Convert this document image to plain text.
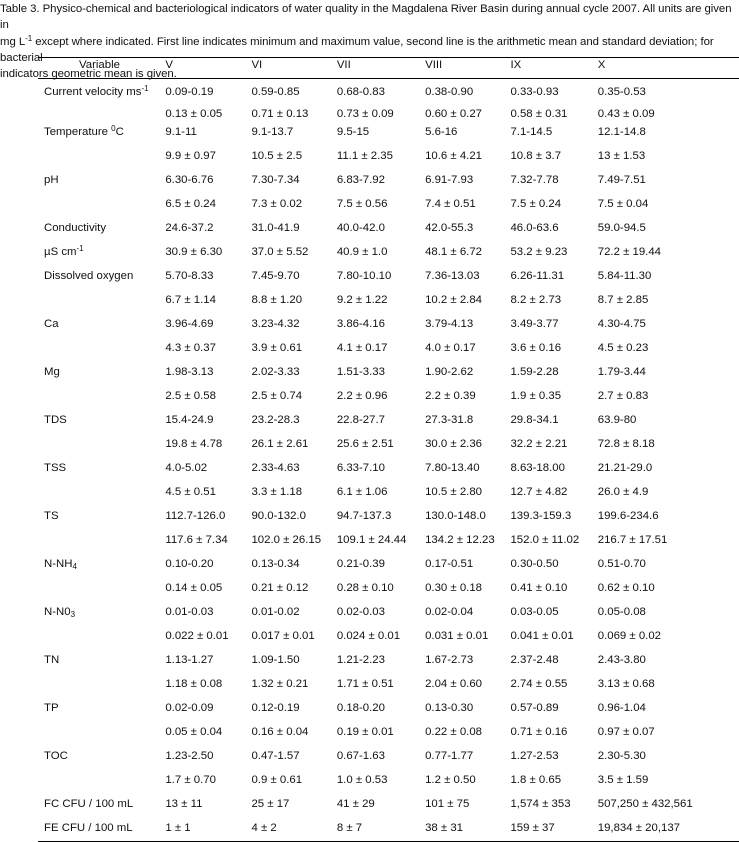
Table 3. Physico-chemical and bacteriological indicators of water quality in the Magdalena River Basin during annual cycle 2007. All units are given in
mg $L^{-1}$ except where indicated. First line indicates minimum and maximum value, second line is the arithmetic mean and standard deviation; for bacterial
indicators geometric mean is given.
Variable	V	VI	VII	VIII	IX	X
Current velocity $ms^{-1}$	0.09-0.19	0.59-0.85	0.68-0.83	0.38-0.90	0.33-0.93	0.35-0.53
	0.13 ± 0.05	0.71 ± 0.13	0.73 ± 0.09	0.60 ± 0.27	0.58 ± 0.31	0.43 ± 0.09
Temperature $^0$C	9.1-11	9.1-13.7	9.5-15	5.6-16	7.1-14.5	12.1-14.8
	9.9 ± 0.97	10.5 ± 2.5	11.1 ± 2.35	10.6 ± 4.21	10.8 ± 3.7	13 ± 1.53
pH	6.30-6.76	7.30-7.34	6.83-7.92	6.91-7.93	7.32-7.78	7.49-7.51
	6.5 ± 0.24	7.3 ± 0.02	7.5 ± 0.56	7.4 ± 0.51	7.5 ± 0.24	7.5 ± 0.04
Conductivity	24.6-37.2	31.0-41.9	40.0-42.0	42.0-55.3	46.0-63.6	59.0-94.5
µS $cm^{-1}$	30.9 ± 6.30	37.0 ± 5.52	40.9 ± 1.0	48.1 ± 6.72	53.2 ± 9.23	72.2 ± 19.44
Dissolved oxygen	5.70-8.33	7.45-9.70	7.80-10.10	7.36-13.03	6.26-11.31	5.84-11.30
	6.7 ± 1.14	8.8 ± 1.20	9.2 ± 1.22	10.2 ± 2.84	8.2 ± 2.73	8.7 ± 2.85
Ca	3.96-4.69	3.23-4.32	3.86-4.16	3.79-4.13	3.49-3.77	4.30-4.75
	4.3 ± 0.37	3.9 ± 0.61	4.1 ± 0.17	4.0 ± 0.17	3.6 ± 0.16	4.5 ± 0.23
Mg	1.98-3.13	2.02-3.33	1.51-3.33	1.90-2.62	1.59-2.28	1.79-3.44
	2.5 ± 0.58	2.5 ± 0.74	2.2 ± 0.96	2.2 ± 0.39	1.9 ± 0.35	2.7 ± 0.83
TDS	15.4-24.9	23.2-28.3	22.8-27.7	27.3-31.8	29.8-34.1	63.9-80
	19.8 ± 4.78	26.1 ± 2.61	25.6 ± 2.51	30.0 ± 2.36	32.2 ± 2.21	72.8 ± 8.18
TSS	4.0-5.02	2.33-4.63	6.33-7.10	7.80-13.40	8.63-18.00	21.21-29.0
	4.5 ± 0.51	3.3 ± 1.18	6.1 ± 1.06	10.5 ± 2.80	12.7 ± 4.82	26.0 ± 4.9
TS	112.7-126.0	90.0-132.0	94.7-137.3	130.0-148.0	139.3-159.3	199.6-234.6
	117.6 ± 7.34	102.0 ± 26.15	109.1 ± 24.44	134.2 ± 12.23	152.0 ± 11.02	216.7 ± 17.51
$N-NH_4$	0.10-0.20	0.13-0.34	0.21-0.39	0.17-0.51	0.30-0.50	0.51-0.70
	0.14 ± 0.05	0.21 ± 0.12	0.28 ± 0.10	0.30 ± 0.18	0.41 ± 0.10	0.62 ± 0.10
$N-N0_3$	0.01-0.03	0.01-0.02	0.02-0.03	0.02-0.04	0.03-0.05	0.05-0.08
	0.022 ± 0.01	0.017 ± 0.01	0.024 ± 0.01	0.031 ± 0.01	0.041 ± 0.01	0.069 ± 0.02
TN	1.13-1.27	1.09-1.50	1.21-2.23	1.67-2.73	2.37-2.48	2.43-3.80
	1.18 ± 0.08	1.32 ± 0.21	1.71 ± 0.51	2.04 ± 0.60	2.74 ± 0.55	3.13 ± 0.68
TP	0.02-0.09	0.12-0.19	0.18-0.20	0.13-0.30	0.57-0.89	0.96-1.04
	0.05 ± 0.04	0.16 ± 0.04	0.19 ± 0.01	0.22 ± 0.08	0.71 ± 0.16	0.97 ± 0.07
TOC	1.23-2.50	0.47-1.57	0.67-1.63	0.77-1.77	1.27-2.53	2.30-5.30
	1.7 ± 0.70	0.9 ± 0.61	1.0 ± 0.53	1.2 ± 0.50	1.8 ± 0.65	3.5 ± 1.59
FC CFU / 100 mL	13 ± 11	25 ± 17	41 ± 29	101 ± 75	1,574 ± 353	507,250 ± 432,561
FE CFU / 100 mL	1 ± 1	4 ± 2	8 ± 7	38 ± 31	159 ± 37	19,834 ± 20,137
